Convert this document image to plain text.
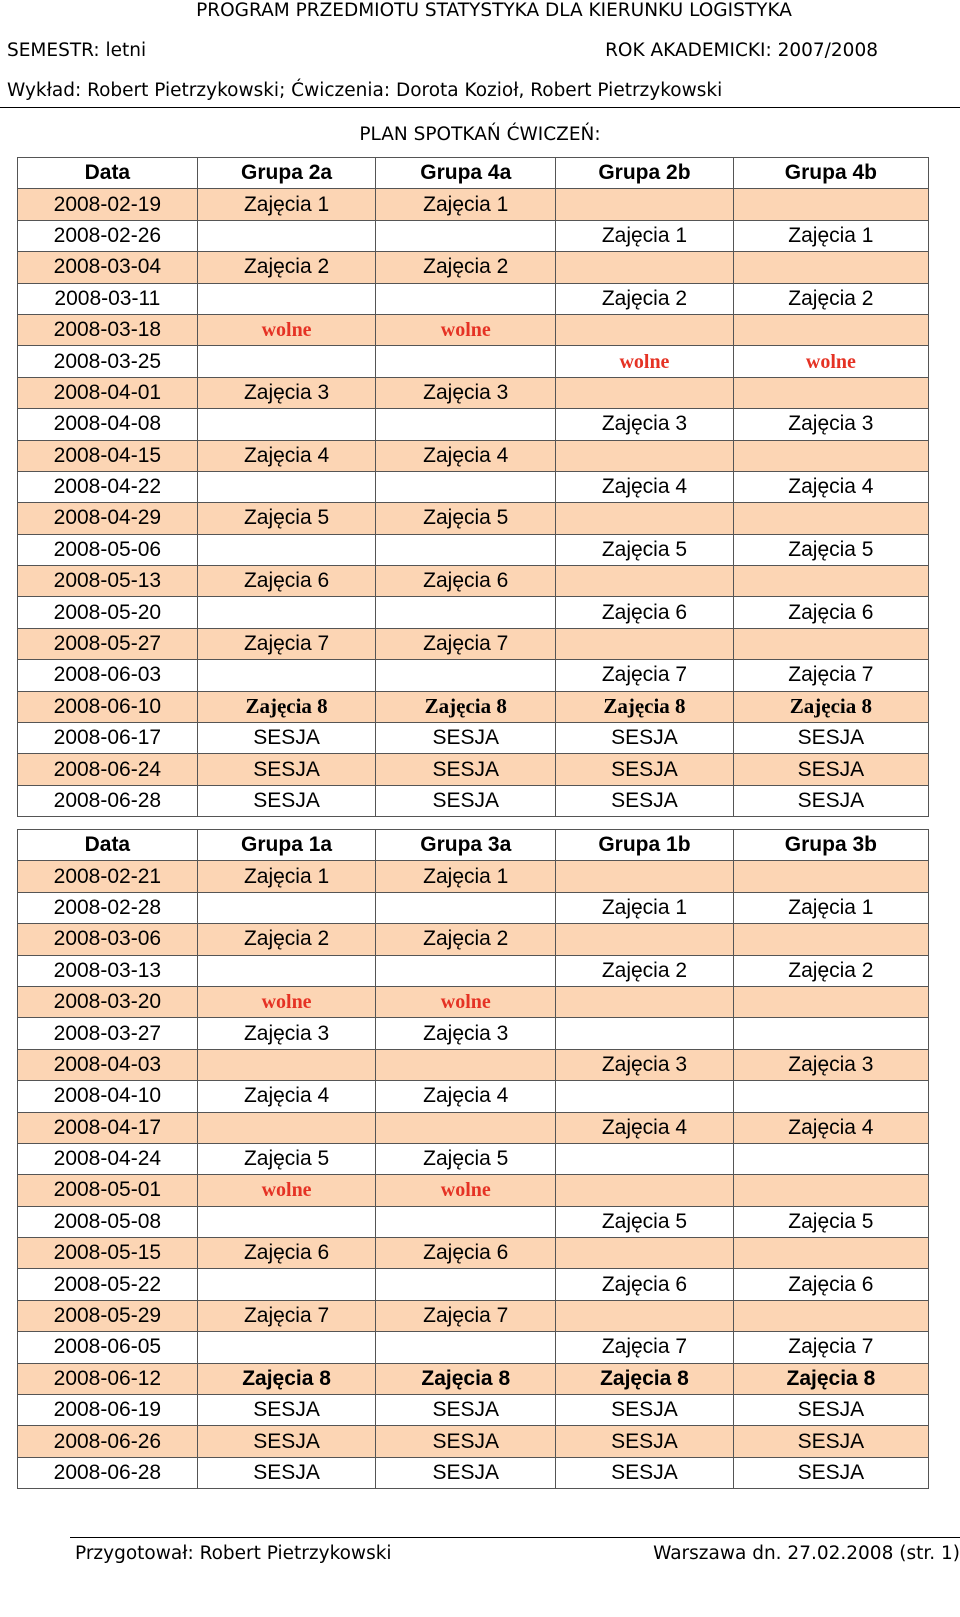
PROGRAM PRZEDMIOTU STATYSTYKA DLA KIERUNKU LOGISTYKA
SEMESTR: letni	ROK AKADEMICKI: 2007/2008
Wykład: Robert Pietrzykowski; Ćwiczenia: Dorota Kozioł, Robert Pietrzykowski
PLAN SPOTKAŃ ĆWICZEŃ:
Data	Grupa 2a	Grupa 4a	Grupa 2b	Grupa 4b
2008-02-19	Zajęcia 1	Zajęcia 1		
2008-02-26			Zajęcia 1	Zajęcia 1
2008-03-04	Zajęcia 2	Zajęcia 2		
2008-03-11			Zajęcia 2	Zajęcia 2
2008-03-18	wolne	wolne		
2008-03-25			wolne	wolne
2008-04-01	Zajęcia 3	Zajęcia 3		
2008-04-08			Zajęcia 3	Zajęcia 3
2008-04-15	Zajęcia 4	Zajęcia 4		
2008-04-22			Zajęcia 4	Zajęcia 4
2008-04-29	Zajęcia 5	Zajęcia 5		
2008-05-06			Zajęcia 5	Zajęcia 5
2008-05-13	Zajęcia 6	Zajęcia 6		
2008-05-20			Zajęcia 6	Zajęcia 6
2008-05-27	Zajęcia 7	Zajęcia 7		
2008-06-03			Zajęcia 7	Zajęcia 7
2008-06-10	Zajęcia 8	Zajęcia 8	Zajęcia 8	Zajęcia 8
2008-06-17	SESJA	SESJA	SESJA	SESJA
2008-06-24	SESJA	SESJA	SESJA	SESJA
2008-06-28	SESJA	SESJA	SESJA	SESJA
Data	Grupa 1a	Grupa 3a	Grupa 1b	Grupa 3b
2008-02-21	Zajęcia 1	Zajęcia 1		
2008-02-28			Zajęcia 1	Zajęcia 1
2008-03-06	Zajęcia 2	Zajęcia 2		
2008-03-13			Zajęcia 2	Zajęcia 2
2008-03-20	wolne	wolne		
2008-03-27	Zajęcia 3	Zajęcia 3		
2008-04-03			Zajęcia 3	Zajęcia 3
2008-04-10	Zajęcia 4	Zajęcia 4		
2008-04-17			Zajęcia 4	Zajęcia 4
2008-04-24	Zajęcia 5	Zajęcia 5		
2008-05-01	wolne	wolne		
2008-05-08			Zajęcia 5	Zajęcia 5
2008-05-15	Zajęcia 6	Zajęcia 6		
2008-05-22			Zajęcia 6	Zajęcia 6
2008-05-29	Zajęcia 7	Zajęcia 7		
2008-06-05			Zajęcia 7	Zajęcia 7
2008-06-12	Zajęcia 8	Zajęcia 8	Zajęcia 8	Zajęcia 8
2008-06-19	SESJA	SESJA	SESJA	SESJA
2008-06-26	SESJA	SESJA	SESJA	SESJA
2008-06-28	SESJA	SESJA	SESJA	SESJA
Przygotował: Robert Pietrzykowski	Warszawa dn. 27.02.2008 (str. 1)
